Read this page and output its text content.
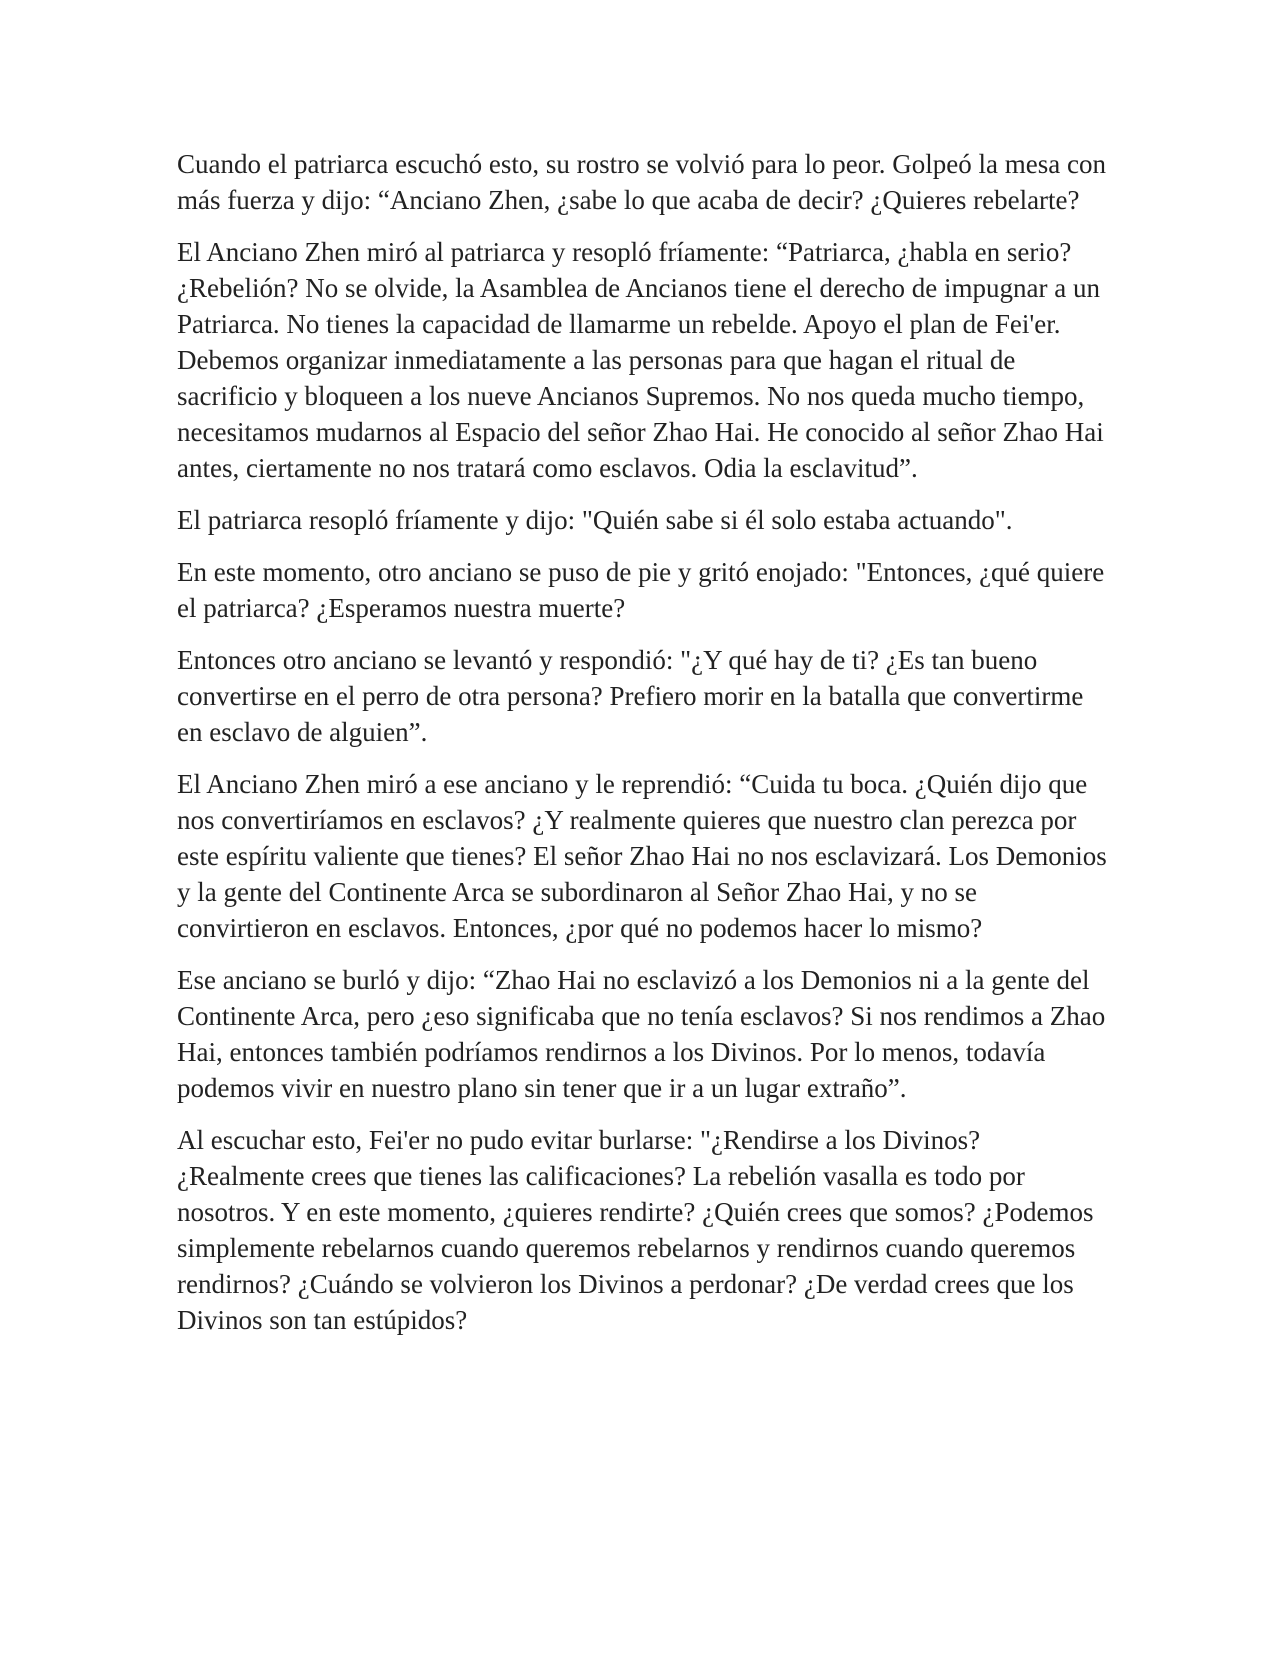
Cuando el patriarca escuchó esto, su rostro se volvió para lo peor. Golpeó la mesa con más fuerza y dijo: “Anciano Zhen, ¿sabe lo que acaba de decir? ¿Quieres rebelarte?

El Anciano Zhen miró al patriarca y resopló fríamente: “Patriarca, ¿habla en serio? ¿Rebelión? No se olvide, la Asamblea de Ancianos tiene el derecho de impugnar a un Patriarca. No tienes la capacidad de llamarme un rebelde. Apoyo el plan de Fei'er. Debemos organizar inmediatamente a las personas para que hagan el ritual de sacrificio y bloqueen a los nueve Ancianos Supremos. No nos queda mucho tiempo, necesitamos mudarnos al Espacio del señor Zhao Hai. He conocido al señor Zhao Hai antes, ciertamente no nos tratará como esclavos. Odia la esclavitud”.

El patriarca resopló fríamente y dijo: "Quién sabe si él solo estaba actuando".

En este momento, otro anciano se puso de pie y gritó enojado: "Entonces, ¿qué quiere el patriarca? ¿Esperamos nuestra muerte?

Entonces otro anciano se levantó y respondió: "¿Y qué hay de ti? ¿Es tan bueno convertirse en el perro de otra persona? Prefiero morir en la batalla que convertirme en esclavo de alguien”.

El Anciano Zhen miró a ese anciano y le reprendió: “Cuida tu boca. ¿Quién dijo que nos convertiríamos en esclavos? ¿Y realmente quieres que nuestro clan perezca por este espíritu valiente que tienes? El señor Zhao Hai no nos esclavizará. Los Demonios y la gente del Continente Arca se subordinaron al Señor Zhao Hai, y no se convirtieron en esclavos. Entonces, ¿por qué no podemos hacer lo mismo?

Ese anciano se burló y dijo: “Zhao Hai no esclavizó a los Demonios ni a la gente del Continente Arca, pero ¿eso significaba que no tenía esclavos? Si nos rendimos a Zhao Hai, entonces también podríamos rendirnos a los Divinos. Por lo menos, todavía podemos vivir en nuestro plano sin tener que ir a un lugar extraño”.

Al escuchar esto, Fei'er no pudo evitar burlarse: "¿Rendirse a los Divinos? ¿Realmente crees que tienes las calificaciones? La rebelión vasalla es todo por nosotros. Y en este momento, ¿quieres rendirte? ¿Quién crees que somos? ¿Podemos simplemente rebelarnos cuando queremos rebelarnos y rendirnos cuando queremos rendirnos? ¿Cuándo se volvieron los Divinos a perdonar? ¿De verdad crees que los Divinos son tan estúpidos?
